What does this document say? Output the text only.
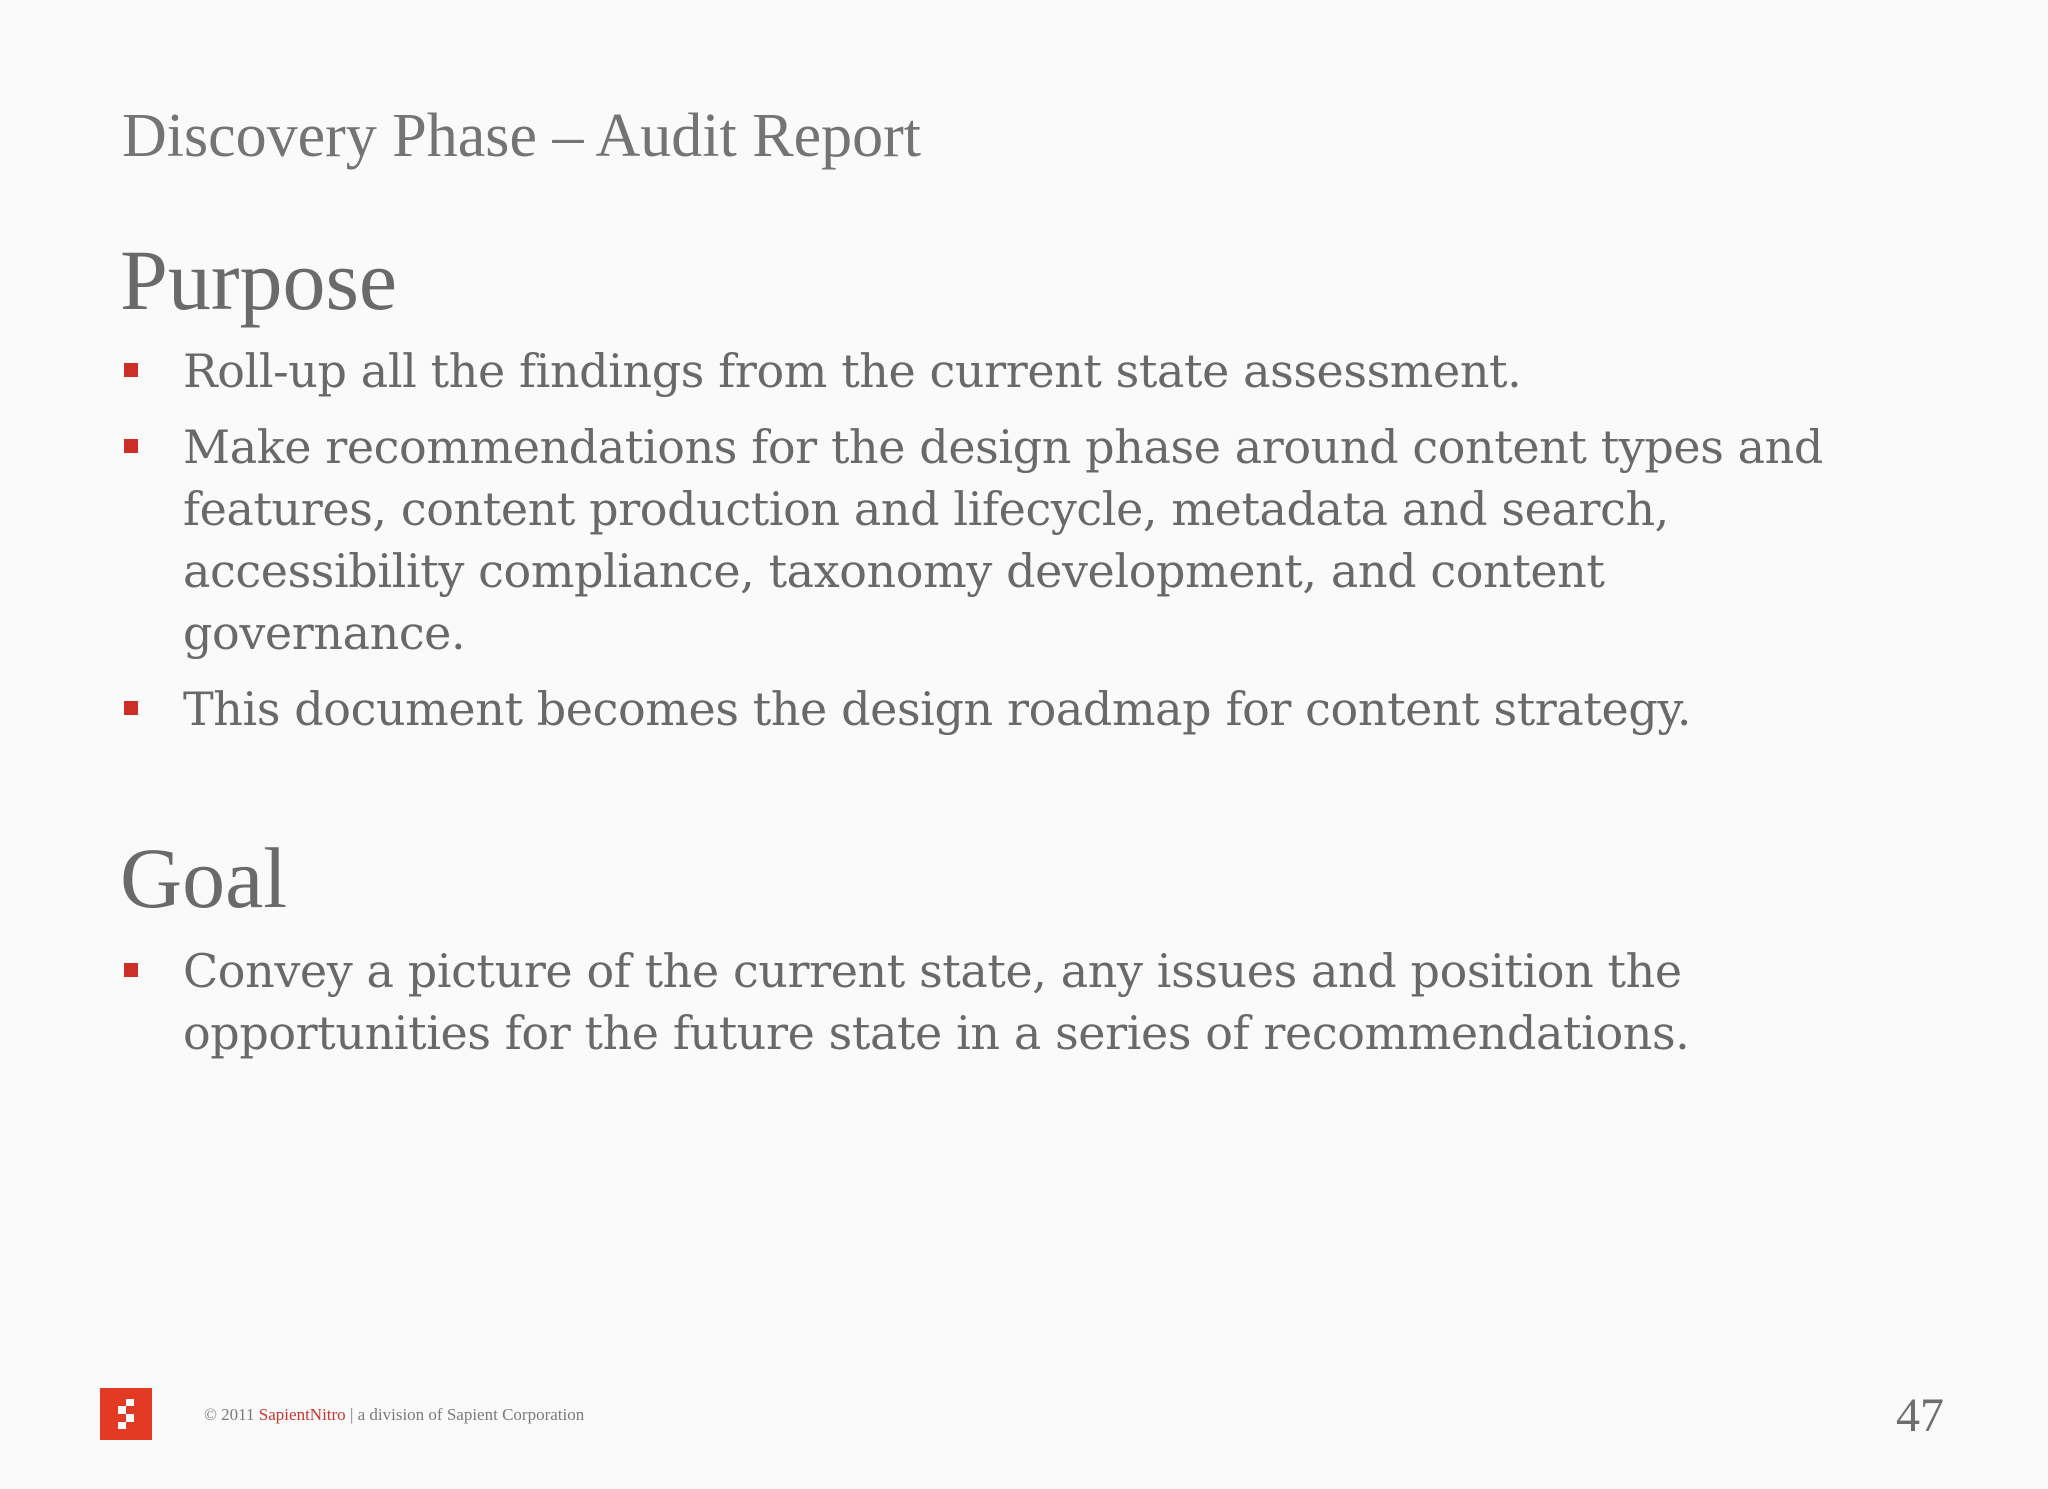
Discovery Phase – Audit Report
Purpose
Roll-up all the findings from the current state assessment.
Make recommendations for the design phase around content types and features, content production and lifecycle, metadata and search, accessibility compliance, taxonomy development, and content governance.
This document becomes the design roadmap for content strategy.
Goal
Convey a picture of the current state, any issues and position the opportunities for the future state in a series of recommendations.

© 2011 SapientNitro | a division of Sapient Corporation	47
